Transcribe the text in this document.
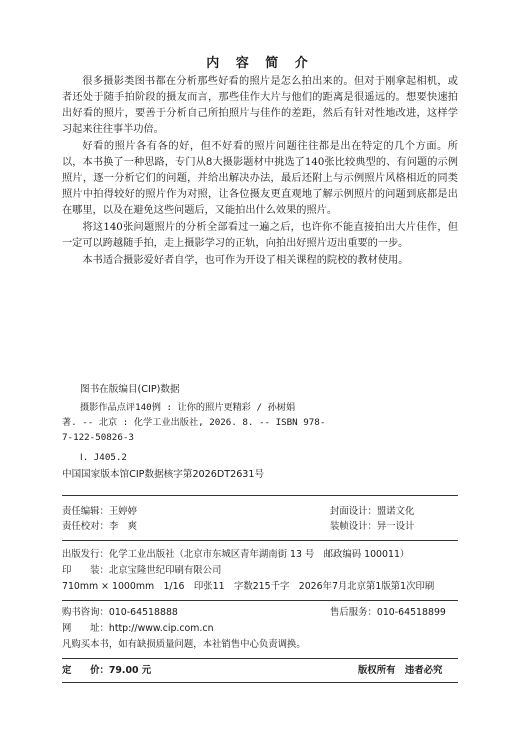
内 容 简 介

很多摄影类图书都在分析那些好看的照片是怎么拍出来的。但对于刚拿起相机，或者还处于随手拍阶段的摄友而言，那些佳作大片与他们的距离是很遥远的。想要快速拍出好看的照片，要善于分析自己所拍照片与佳作的差距，然后有针对性地改进，这样学习起来往往事半功倍。

好看的照片各有各的好，但不好看的照片问题往往都是出在特定的几个方面。所以，本书换了一种思路，专门从8大摄影题材中挑选了140张比较典型的、有问题的示例照片，逐一分析它们的问题，并给出解决办法，最后还附上与示例照片风格相近的同类照片中拍得较好的照片作为对照，让各位摄友更直观地了解示例照片的问题到底都是出在哪里，以及在避免这些问题后，又能拍出什么效果的照片。

将这140张问题照片的分析全部看过一遍之后，也许你不能直接拍出大片佳作，但一定可以跨越随手拍，走上摄影学习的正轨，向拍出好照片迈出重要的一步。

本书适合摄影爱好者自学，也可作为开设了相关课程的院校的教材使用。

图书在版编目(CIP)数据
摄影作品点评140例 : 让你的照片更精彩 / 孙树娟
著. -- 北京 : 化学工业出版社, 2026. 8. -- ISBN 978-
7-122-50826-3
Ⅰ. J405.2
中国国家版本馆CIP数据核字第2026DT2631号
责任编辑：王婷婷	封面设计：盟诺文化
责任校对：李　爽	装帧设计：异一设计
出版发行：化学工业出版社（北京市东城区青年湖南街 13 号　邮政编码 100011）
印　　装：北京宝隆世纪印刷有限公司
710mm × 1000mm　1/16　印张11　字数215千字　2026年7月北京第1版第1次印刷
购书咨询：010-64518888	售后服务：010-64518899
网　　址：http://www.cip.com.cn
凡购买本书，如有缺损质量问题，本社销售中心负责调换。
定　　价：79.00 元	版权所有　违者必究
